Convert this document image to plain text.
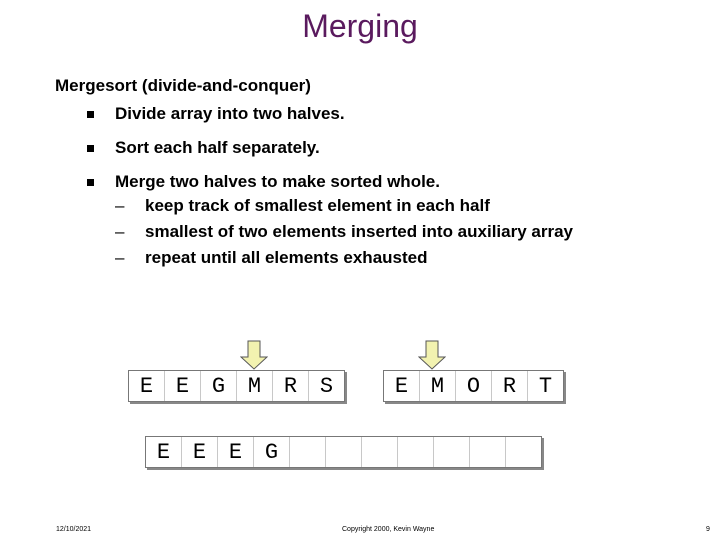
Merging
Mergesort (divide-and-conquer)
Divide array into two halves.
Sort each half separately.
Merge two halves to make sorted whole.
– keep track of smallest element in each half
– smallest of two elements inserted into auxiliary array
– repeat until all elements exhausted
E	E	G	M	R	S	E	M	O	R	T
E	E	E	G
12/10/2021	Copyright 2000, Kevin Wayne	9
